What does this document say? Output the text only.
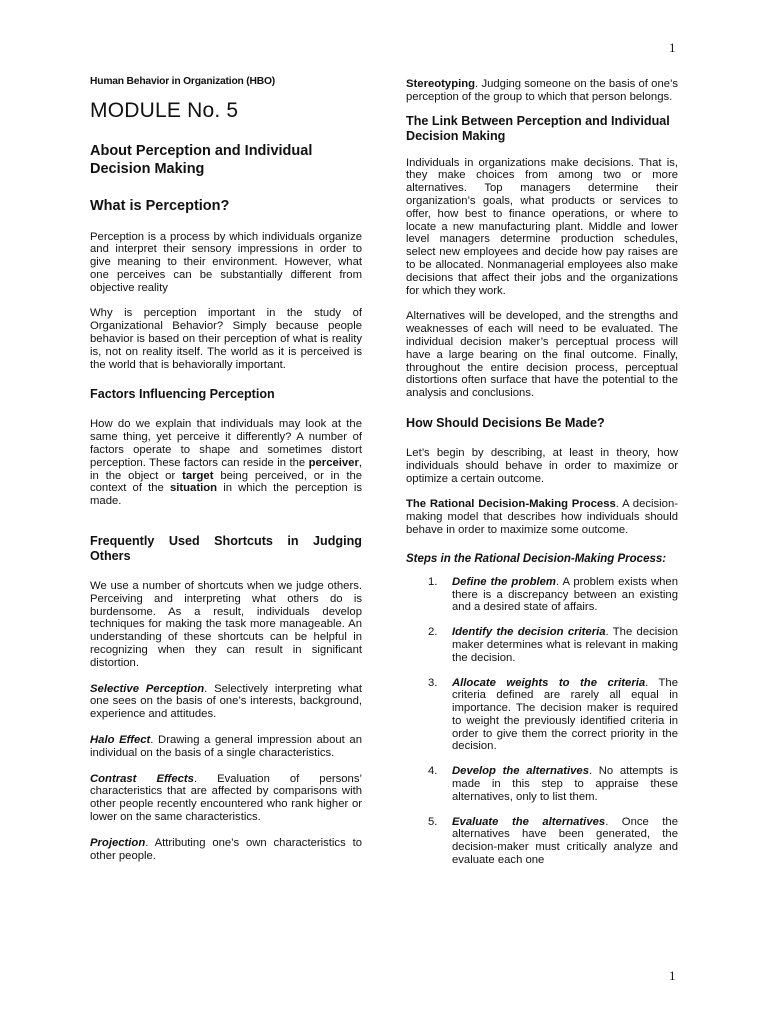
1
Human Behavior in Organization (HBO)
MODULE No. 5
About Perception and Individual Decision Making
What is Perception?

Perception is a process by which individuals organize and interpret their sensory impressions in order to give meaning to their environment. However, what one perceives can be substantially different from objective reality

Why is perception important in the study of Organizational Behavior? Simply because people behavior is based on their perception of what is reality is, not on reality itself. The world as it is perceived is the world that is behaviorally important.

Factors Influencing Perception

How do we explain that individuals may look at the same thing, yet perceive it differently? A number of factors operate to shape and sometimes distort perception. These factors can reside in the perceiver, in the object or target being perceived, or in the context of the situation in which the perception is made.

Frequently Used Shortcuts in Judging Others

We use a number of shortcuts when we judge others. Perceiving and interpreting what others do is burdensome. As a result, individuals develop techniques for making the task more manageable. An understanding of these shortcuts can be helpful in recognizing when they can result in significant distortion.

Selective Perception. Selectively interpreting what one sees on the basis of one’s interests, background, experience and attitudes.

Halo Effect. Drawing a general impression about an individual on the basis of a single characteristics.

Contrast Effects. Evaluation of persons’ characteristics that are affected by comparisons with other people recently encountered who rank higher or lower on the same characteristics.

Projection. Attributing one’s own characteristics to other people.

Stereotyping. Judging someone on the basis of one’s perception of the group to which that person belongs.

The Link Between Perception and Individual Decision Making

Individuals in organizations make decisions. That is, they make choices from among two or more alternatives. Top managers determine their organization’s goals, what products or services to offer, how best to finance operations, or where to locate a new manufacturing plant. Middle and lower level managers determine production schedules, select new employees and decide how pay raises are to be allocated. Nonmanagerial employees also make decisions that affect their jobs and the organizations for which they work.

Alternatives will be developed, and the strengths and weaknesses of each will need to be evaluated. The individual decision maker’s perceptual process will have a large bearing on the final outcome. Finally, throughout the entire decision process, perceptual distortions often surface that have the potential to the analysis and conclusions.

How Should Decisions Be Made?

Let’s begin by describing, at least in theory, how individuals should behave in order to maximize or optimize a certain outcome.

The Rational Decision-Making Process. A decision-making model that describes how individuals should behave in order to maximize some outcome.

Steps in the Rational Decision-Making Process:

1. Define the problem. A problem exists when there is a discrepancy between an existing and a desired state of affairs.
2. Identify the decision criteria. The decision maker determines what is relevant in making the decision.
3. Allocate weights to the criteria. The criteria defined are rarely all equal in importance. The decision maker is required to weight the previously identified criteria in order to give them the correct priority in the decision.
4. Develop the alternatives. No attempts is made in this step to appraise these alternatives, only to list them.
5. Evaluate the alternatives. Once the alternatives have been generated, the decision-maker must critically analyze and evaluate each one
1
